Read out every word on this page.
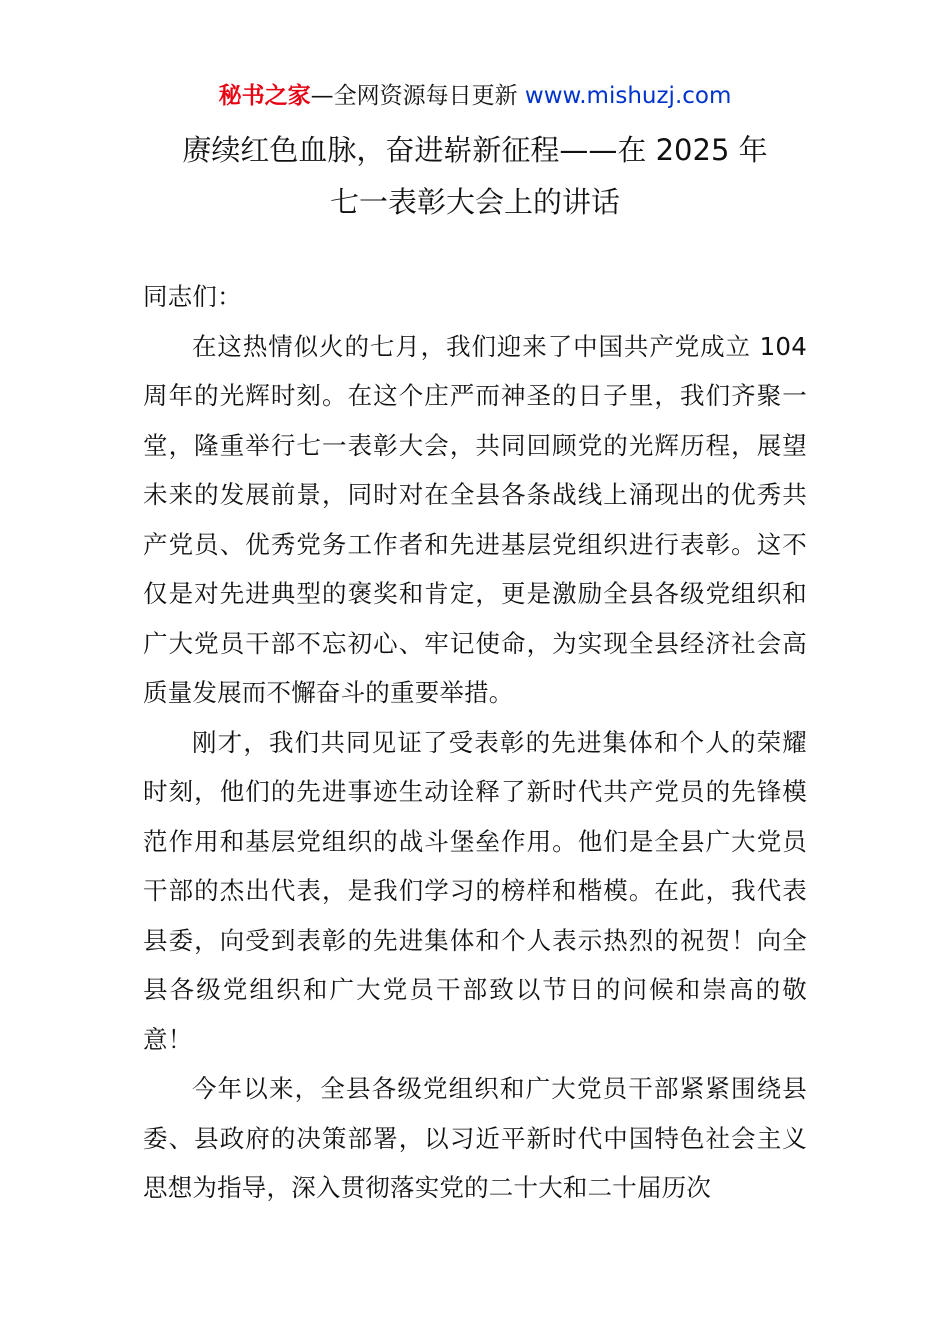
秘书之家—全网资源每日更新 www.mishuzj.com
赓续红色血脉，奋进崭新征程——在 2025 年
七一表彰大会上的讲话

同志们：

在这热情似火的七月，我们迎来了中国共产党成立 104 周年的光辉时刻。在这个庄严而神圣的日子里，我们齐聚一堂，隆重举行七一表彰大会，共同回顾党的光辉历程，展望未来的发展前景，同时对在全县各条战线上涌现出的优秀共产党员、优秀党务工作者和先进基层党组织进行表彰。这不仅是对先进典型的褒奖和肯定，更是激励全县各级党组织和广大党员干部不忘初心、牢记使命，为实现全县经济社会高质量发展而不懈奋斗的重要举措。

刚才，我们共同见证了受表彰的先进集体和个人的荣耀时刻，他们的先进事迹生动诠释了新时代共产党员的先锋模范作用和基层党组织的战斗堡垒作用。他们是全县广大党员干部的杰出代表，是我们学习的榜样和楷模。在此，我代表县委，向受到表彰的先进集体和个人表示热烈的祝贺！向全县各级党组织和广大党员干部致以节日的问候和崇高的敬意！

今年以来，全县各级党组织和广大党员干部紧紧围绕县委、县政府的决策部署，以习近平新时代中国特色社会主义思想为指导，深入贯彻落实党的二十大和二十届历次
